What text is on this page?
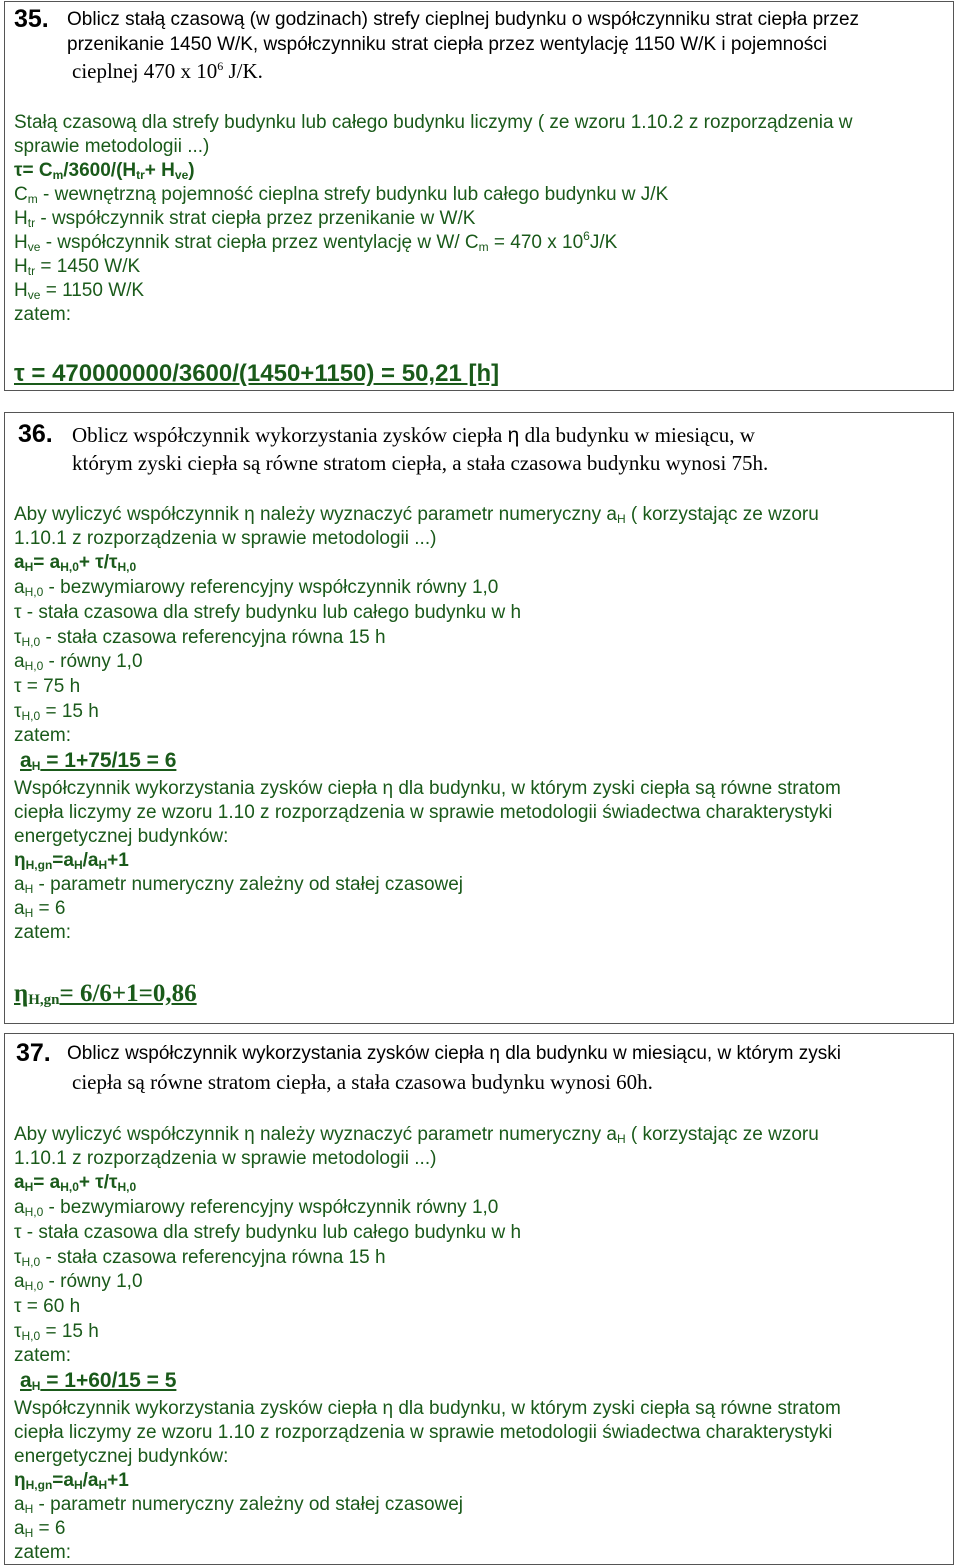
35. Oblicz stałą czasową (w godzinach) strefy cieplnej budynku o współczynniku strat ciepła przez
przenikanie 1450 W/K, współczynniku strat ciepła przez wentylację 1150 W/K i pojemności
cieplnej 470 x $10^6$ J/K.
Stałą czasową dla strefy budynku lub całego budynku liczymy ( ze wzoru 1.10.2 z rozporządzenia w
sprawie metodologii ...)
$\tau= C_m/3600/(H_{tr}+ H_{ve})$
$C_m$ - wewnętrzną pojemność cieplna strefy budynku lub całego budynku w J/K
$H_{tr}$ - współczynnik strat ciepła przez przenikanie w W/K
$H_{ve}$ - współczynnik strat ciepła przez wentylację w W/ $C_m = 470$ x $10^6J/K$
$H_{tr} = 1450$ W/K
$H_{ve} = 1150$ W/K
zatem:
τ = 470000000/3600/(1450+1150) = 50,21 [h]
36. Oblicz współczynnik wykorzystania zysków ciepła η dla budynku w miesiącu, w
którym zyski ciepła są równe stratom ciepła, a stała czasowa budynku wynosi 75h.
Aby wyliczyć współczynnik η należy wyznaczyć parametr numeryczny $a_H$ ( korzystając ze wzoru
1.10.1 z rozporządzenia w sprawie metodologii ...)
$a_H= a_{H,0}+ \tau/\tau_{H,0}$
$a_{H,0}$ - bezwymiarowy referencyjny współczynnik równy 1,0
τ - stała czasowa dla strefy budynku lub całego budynku w h
$\tau_{H,0}$ - stała czasowa referencyjna równa 15 h
$a_{H,0}$ - równy 1,0
τ = 75 h
$\tau_{H,0} = 15$ h
zatem:
$a_H = 1+75/15 = 6$
Współczynnik wykorzystania zysków ciepła η dla budynku, w którym zyski ciepła są równe stratom
ciepła liczymy ze wzoru 1.10 z rozporządzenia w sprawie metodologii świadectwa charakterystyki
energetycznej budynków:
$\eta_{H,gn}=a_H/a_H+1$
$a_H$ - parametr numeryczny zależny od stałej czasowej
$a_H = 6$
zatem:
$\eta_{H,gn}= 6/6+1=0,86$
37. Oblicz współczynnik wykorzystania zysków ciepła η dla budynku w miesiącu, w którym zyski
ciepła są równe stratom ciepła, a stała czasowa budynku wynosi 60h.
Aby wyliczyć współczynnik η należy wyznaczyć parametr numeryczny $a_H$ ( korzystając ze wzoru
1.10.1 z rozporządzenia w sprawie metodologii ...)
$a_H= a_{H,0}+ \tau/\tau_{H,0}$
$a_{H,0}$ - bezwymiarowy referencyjny współczynnik równy 1,0
τ - stała czasowa dla strefy budynku lub całego budynku w h
$\tau_{H,0}$ - stała czasowa referencyjna równa 15 h
$a_{H,0}$ - równy 1,0
τ = 60 h
$\tau_{H,0} = 15$ h
zatem:
$a_H = 1+60/15 = 5$
Współczynnik wykorzystania zysków ciepła η dla budynku, w którym zyski ciepła są równe stratom
ciepła liczymy ze wzoru 1.10 z rozporządzenia w sprawie metodologii świadectwa charakterystyki
energetycznej budynków:
$\eta_{H,gn}=a_H/a_H+1$
$a_H$ - parametr numeryczny zależny od stałej czasowej
$a_H = 6$
zatem:
